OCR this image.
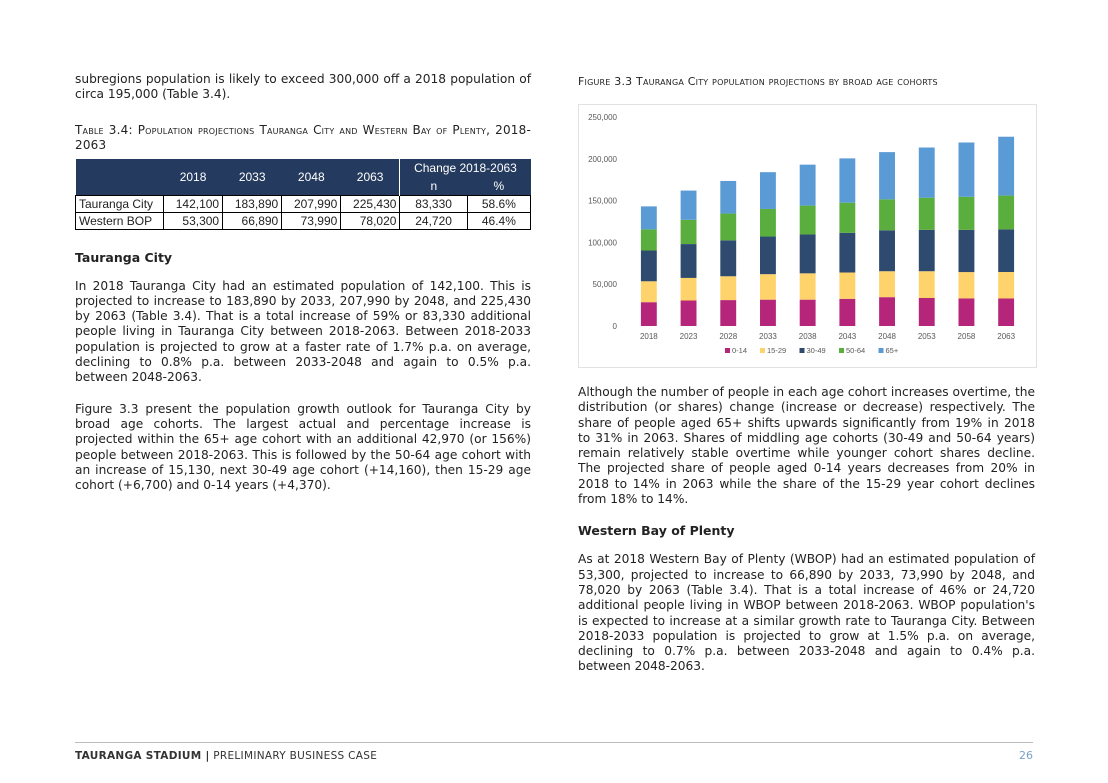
subregions population is likely to exceed 300,000 off a 2018 population of circa 195,000 (Table 3.4).

Table 3.4: Population projections Tauranga City and Western Bay of Plenty, 2018-2063
	2018	2033	2048	2063	Change 2018-2063	
					n	%
Tauranga City	142,100	183,890	207,990	225,430	83,330	58.6%
Western BOP	53,300	66,890	73,990	78,020	24,720	46.4%
Tauranga City

In 2018 Tauranga City had an estimated population of 142,100. This is projected to increase to 183,890 by 2033, 207,990 by 2048, and 225,430 by 2063 (Table 3.4). That is a total increase of 59% or 83,330 additional people living in Tauranga City between 2018-2063. Between 2018-2033 population is projected to grow at a faster rate of 1.7% p.a. on average, declining to 0.8% p.a. between 2033-2048 and again to 0.5% p.a. between 2048-2063.

Figure 3.3 present the population growth outlook for Tauranga City by broad age cohorts. The largest actual and percentage increase is projected within the 65+ age cohort with an additional 42,970 (or 156%) people between 2018-2063. This is followed by the 50-64 age cohort with an increase of 15,130, next 30-49 age cohort (+14,160), then 15-29 age cohort (+6,700) and 0-14 years (+4,370).

Figure 3.3 Tauranga City population projections by broad age cohorts
0
50,000
100,000
150,000
200,000
250,000
2018	2023	2028	2033	2038	2043	2048	2053	2058	2063
0-14	15-29	30-49	50-64	65+

Although the number of people in each age cohort increases overtime, the distribution (or shares) change (increase or decrease) respectively. The share of people aged 65+ shifts upwards significantly from 19% in 2018 to 31% in 2063. Shares of middling age cohorts (30-49 and 50-64 years) remain relatively stable overtime while younger cohort shares decline. The projected share of people aged 0-14 years decreases from 20% in 2018 to 14% in 2063 while the share of the 15-29 year cohort declines from 18% to 14%.

Western Bay of Plenty

As at 2018 Western Bay of Plenty (WBOP) had an estimated population of 53,300, projected to increase to 66,890 by 2033, 73,990 by 2048, and 78,020 by 2063 (Table 3.4). That is a total increase of 46% or 24,720 additional people living in WBOP between 2018-2063. WBOP population's is expected to increase at a similar growth rate to Tauranga City. Between 2018-2033 population is projected to grow at 1.5% p.a. on average, declining to 0.7% p.a. between 2033-2048 and again to 0.4% p.a. between 2048-2063.

TAURANGA STADIUM | PRELIMINARY BUSINESS CASE	26
